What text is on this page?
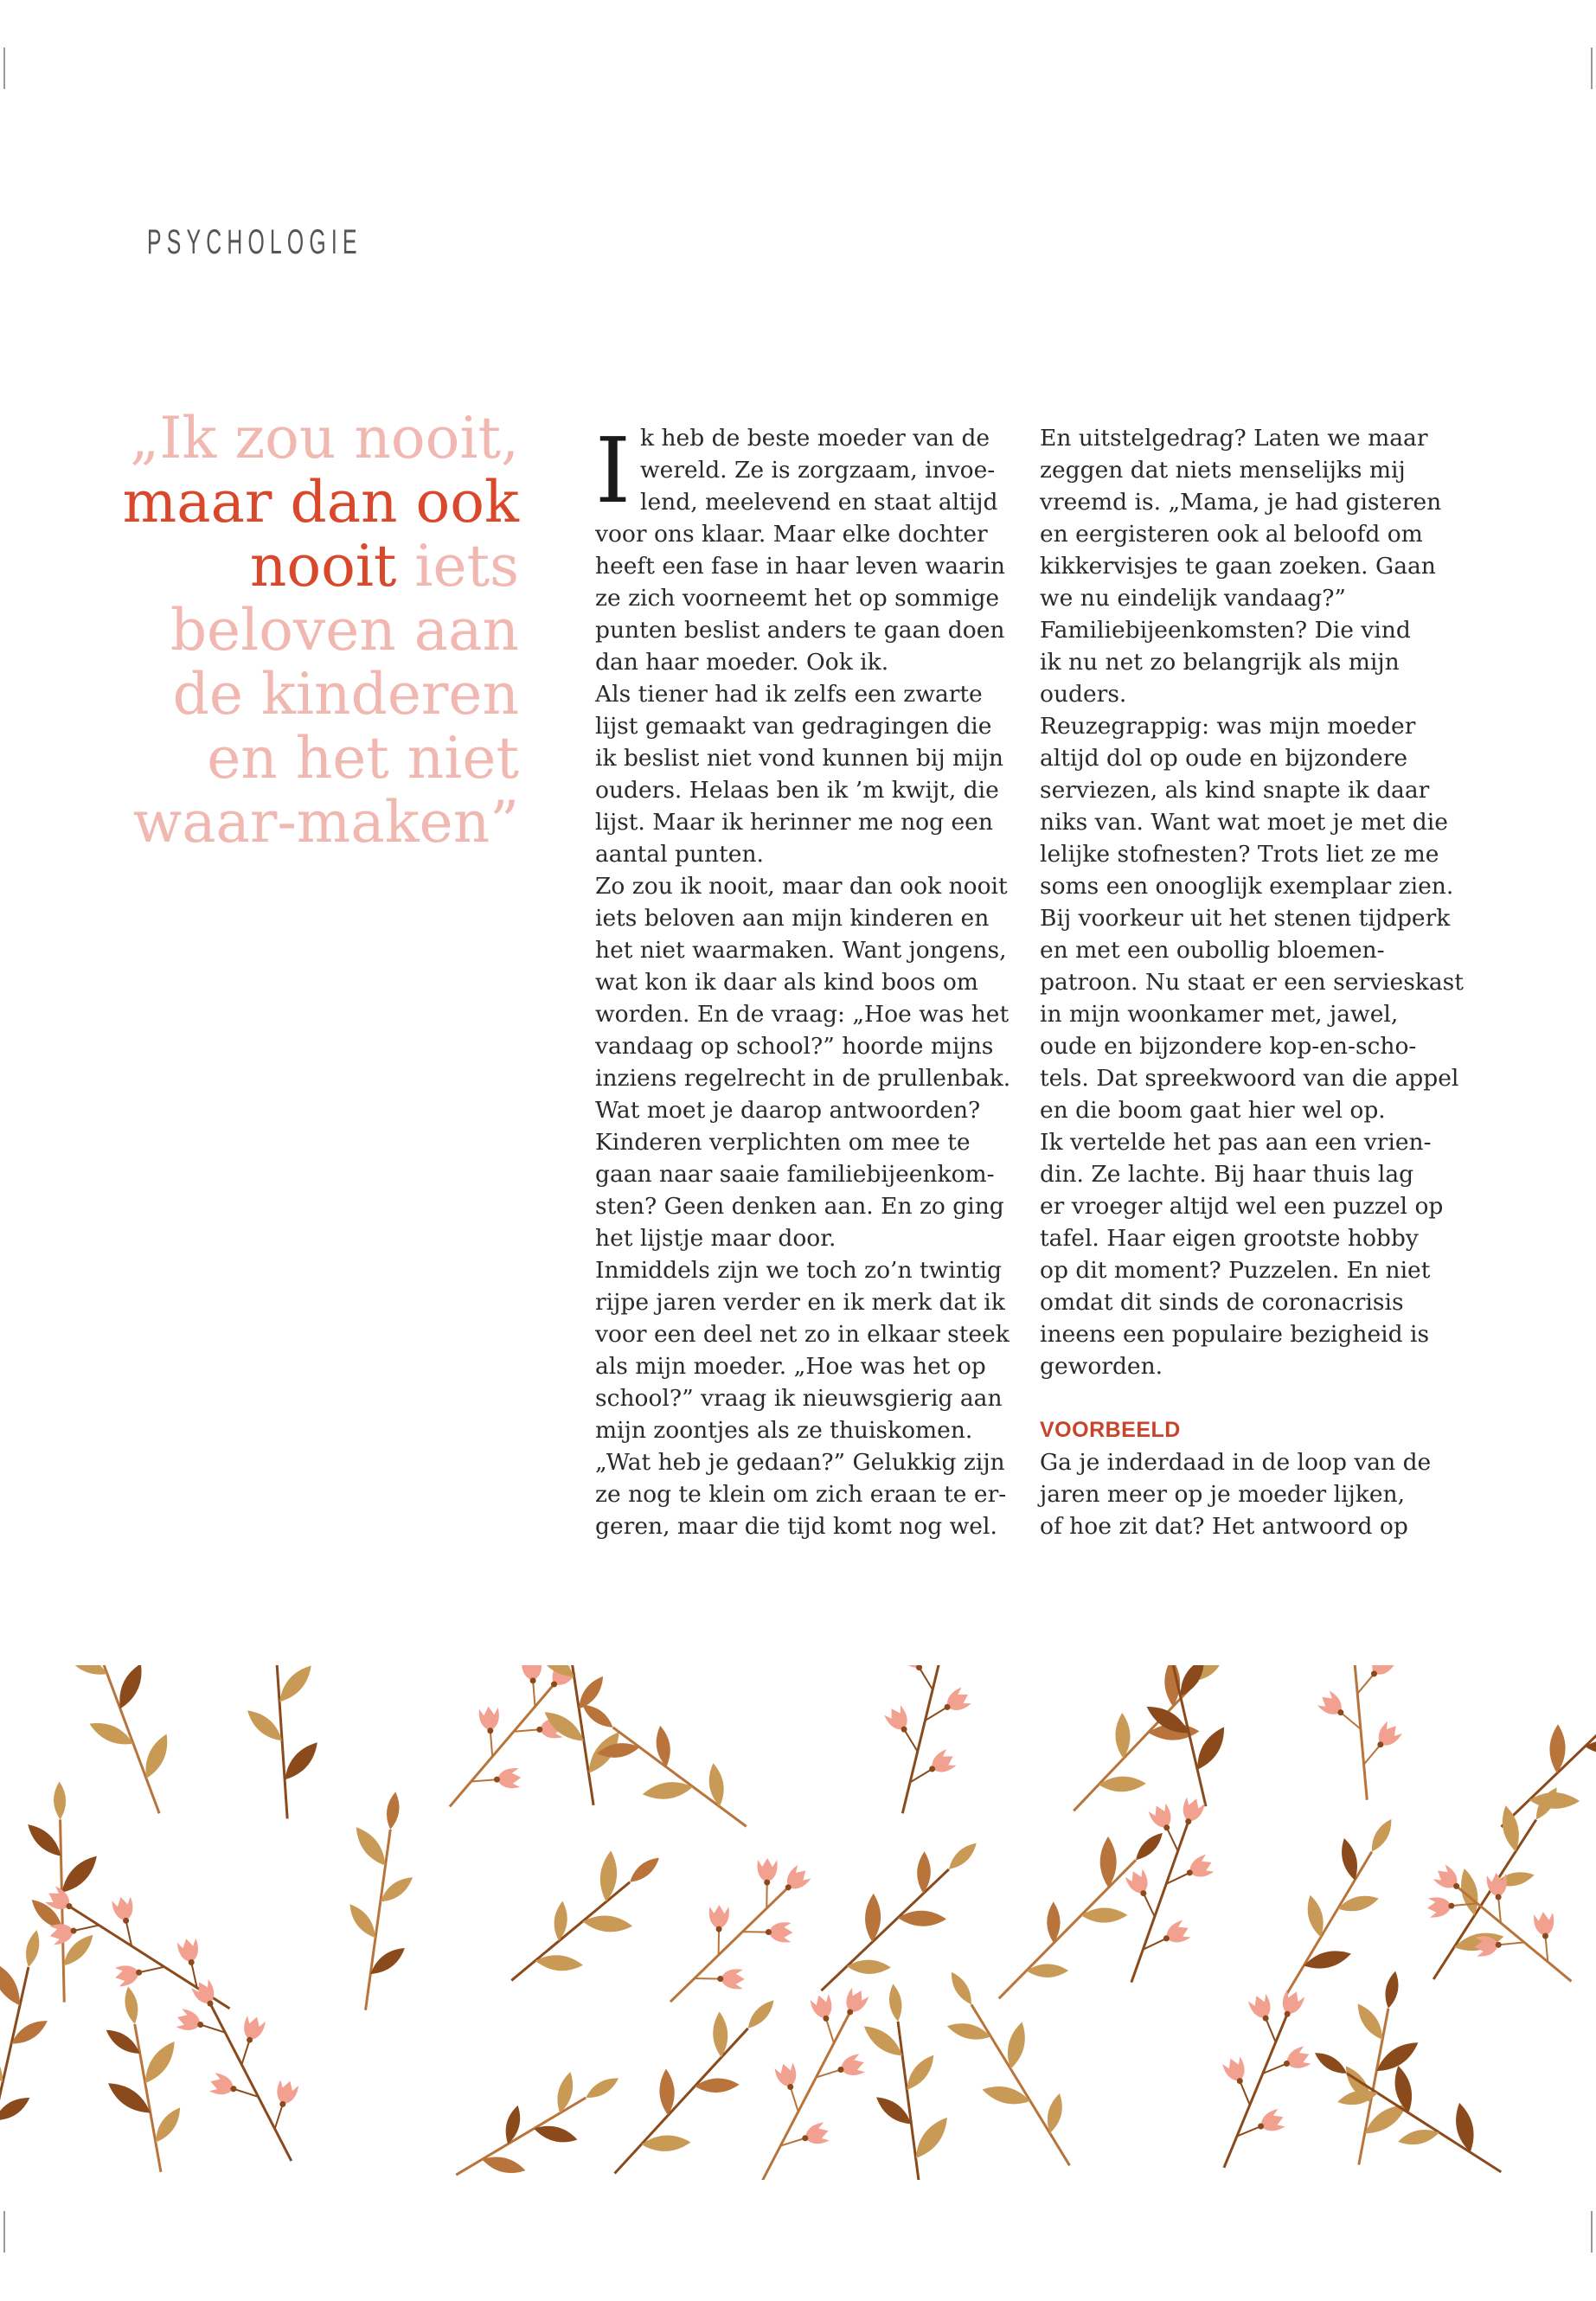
PSYCHOLOGIE

„Ik zou nooit, maar dan ook nooit iets beloven aan de kinderen en het niet waar-maken”

I k heb de beste moeder van de
wereld. Ze is zorgzaam, invoe-
lend, meelevend en staat altijd
voor ons klaar. Maar elke dochter
heeft een fase in haar leven waarin
ze zich voorneemt het op sommige
punten beslist anders te gaan doen
dan haar moeder. Ook ik.

Als tiener had ik zelfs een zwarte
lijst gemaakt van gedragingen die
ik beslist niet vond kunnen bij mijn
ouders. Helaas ben ik ’m kwijt, die
lijst. Maar ik herinner me nog een
aantal punten.

Zo zou ik nooit, maar dan ook nooit
iets beloven aan mijn kinderen en
het niet waarmaken. Want jongens,
wat kon ik daar als kind boos om
worden. En de vraag: „Hoe was het
vandaag op school?” hoorde mijns
inziens regelrecht in de prullenbak.
Wat moet je daarop antwoorden?
Kinderen verplichten om mee te
gaan naar saaie familiebijeenkom-
sten? Geen denken aan. En zo ging
het lijstje maar door.

Inmiddels zijn we toch zo’n twintig
rijpe jaren verder en ik merk dat ik
voor een deel net zo in elkaar steek
als mijn moeder. „Hoe was het op
school?” vraag ik nieuwsgierig aan
mijn zoontjes als ze thuiskomen.
„Wat heb je gedaan?” Gelukkig zijn
ze nog te klein om zich eraan te er-
geren, maar die tijd komt nog wel.

En uitstelgedrag? Laten we maar
zeggen dat niets menselijks mij
vreemd is. „Mama, je had gisteren
en eergisteren ook al beloofd om
kikkervisjes te gaan zoeken. Gaan
we nu eindelijk vandaag?”
Familiebijeenkomsten? Die vind
ik nu net zo belangrijk als mijn
ouders.

Reuzegrappig: was mijn moeder
altijd dol op oude en bijzondere
serviezen, als kind snapte ik daar
niks van. Want wat moet je met die
lelijke stofnesten? Trots liet ze me
soms een onooglijk exemplaar zien.
Bij voorkeur uit het stenen tijdperk
en met een oubollig bloemen-
patroon. Nu staat er een servieskast
in mijn woonkamer met, jawel,
oude en bijzondere kop-en-scho-
tels. Dat spreekwoord van die appel
en die boom gaat hier wel op.

Ik vertelde het pas aan een vrien-
din. Ze lachte. Bij haar thuis lag
er vroeger altijd wel een puzzel op
tafel. Haar eigen grootste hobby
op dit moment? Puzzelen. En niet
omdat dit sinds de coronacrisis
ineens een populaire bezigheid is
geworden.

VOORBEELD

Ga je inderdaad in de loop van de
jaren meer op je moeder lijken,
of hoe zit dat? Het antwoord op
